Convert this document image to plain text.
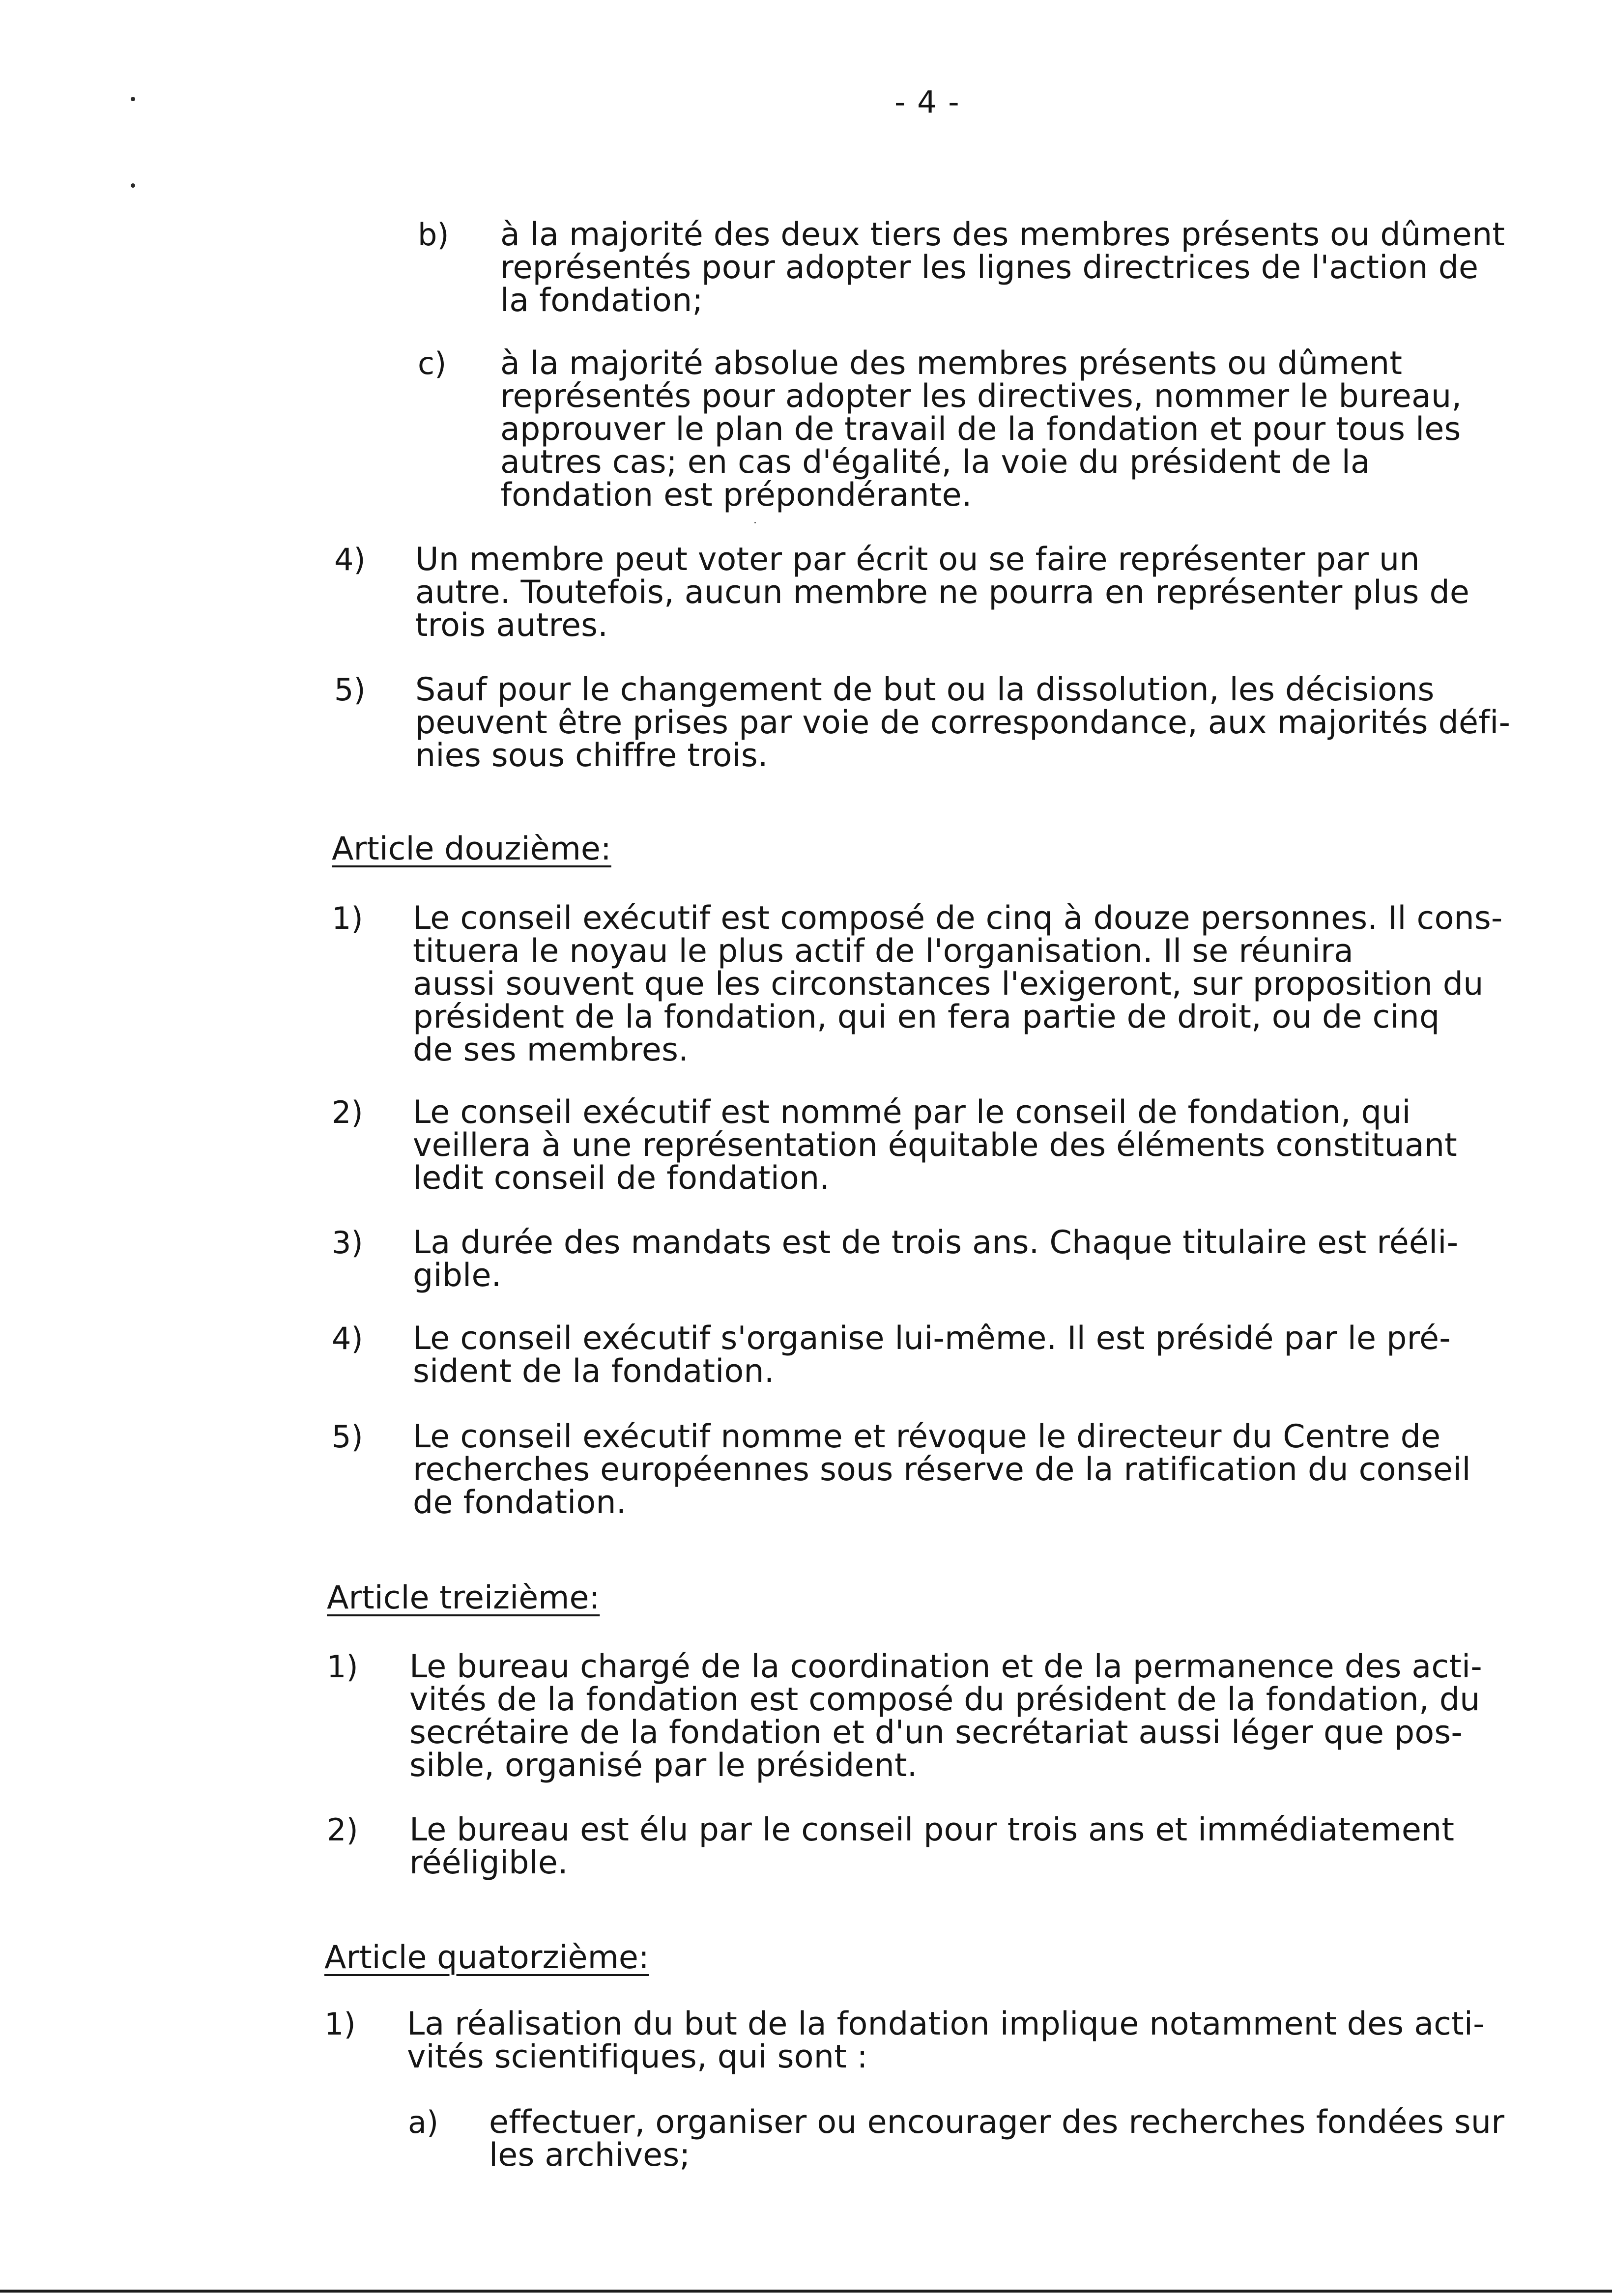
- 4 -
b) à la majorité des deux tiers des membres présents ou dûment
représentés pour adopter les lignes directrices de l'action de
la fondation;
c) à la majorité absolue des membres présents ou dûment
représentés pour adopter les directives, nommer le bureau,
approuver le plan de travail de la fondation et pour tous les
autres cas; en cas d'égalité, la voie du président de la
fondation est prépondérante.
4) Un membre peut voter par écrit ou se faire représenter par un
autre. Toutefois, aucun membre ne pourra en représenter plus de
trois autres.
5) Sauf pour le changement de but ou la dissolution, les décisions
peuvent être prises par voie de correspondance, aux majorités défi-
nies sous chiffre trois.
Article douzième:
1) Le conseil exécutif est composé de cinq à douze personnes. Il cons-
tituera le noyau le plus actif de l'organisation. Il se réunira
aussi souvent que les circonstances l'exigeront, sur proposition du
président de la fondation, qui en fera partie de droit, ou de cinq
de ses membres.
2) Le conseil exécutif est nommé par le conseil de fondation, qui
veillera à une représentation équitable des éléments constituant
ledit conseil de fondation.
3) La durée des mandats est de trois ans. Chaque titulaire est rééli-
gible.
4) Le conseil exécutif s'organise lui-même. Il est présidé par le pré-
sident de la fondation.
5) Le conseil exécutif nomme et révoque le directeur du Centre de
recherches européennes sous réserve de la ratification du conseil
de fondation.
Article treizième:
1) Le bureau chargé de la coordination et de la permanence des acti-
vités de la fondation est composé du président de la fondation, du
secrétaire de la fondation et d'un secrétariat aussi léger que pos-
sible, organisé par le président.
2) Le bureau est élu par le conseil pour trois ans et immédiatement
rééligible.
Article quatorzième:
1) La réalisation du but de la fondation implique notamment des acti-
vités scientifiques, qui sont :
a) effectuer, organiser ou encourager des recherches fondées sur
les archives;
